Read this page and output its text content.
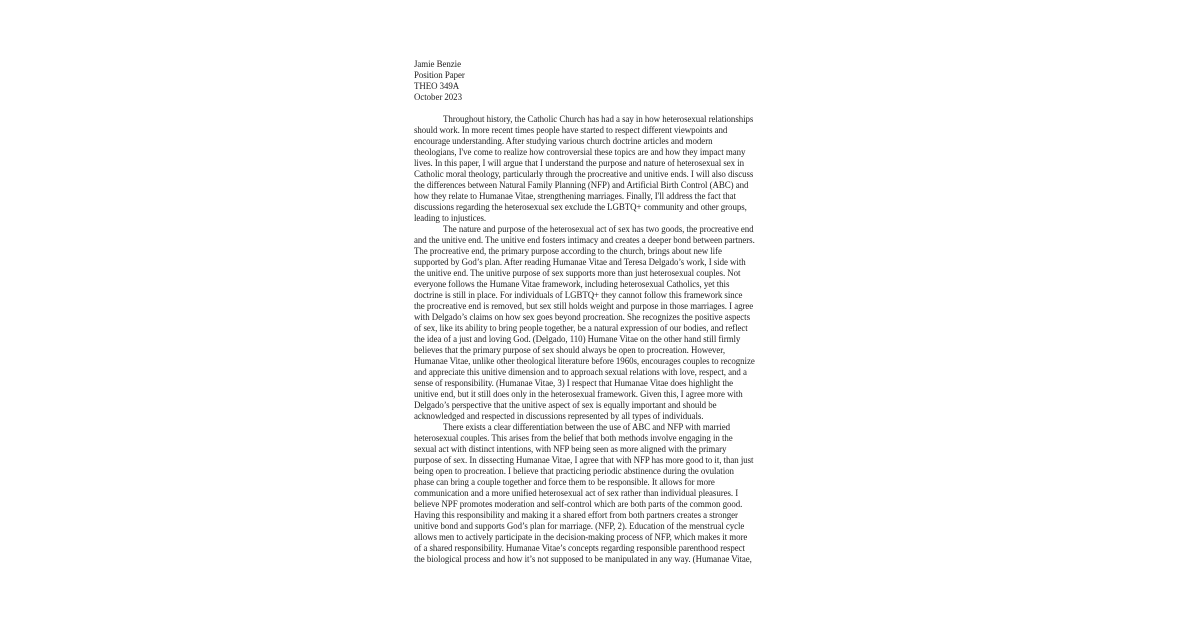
Jamie Benzie
Position Paper
THEO 349A
October 2023
Throughout history, the Catholic Church has had a say in how heterosexual relationships
should work. In more recent times people have started to respect different viewpoints and
encourage understanding. After studying various church doctrine articles and modern
theologians, I've come to realize how controversial these topics are and how they impact many
lives. In this paper, I will argue that I understand the purpose and nature of heterosexual sex in
Catholic moral theology, particularly through the procreative and unitive ends. I will also discuss
the differences between Natural Family Planning (NFP) and Artificial Birth Control (ABC) and
how they relate to Humanae Vitae, strengthening marriages. Finally, I'll address the fact that
discussions regarding the heterosexual sex exclude the LGBTQ+ community and other groups,
leading to injustices.
The nature and purpose of the heterosexual act of sex has two goods, the procreative end
and the unitive end. The unitive end fosters intimacy and creates a deeper bond between partners.
The procreative end, the primary purpose according to the church, brings about new life
supported by God’s plan. After reading Humanae Vitae and Teresa Delgado’s work, I side with
the unitive end. The unitive purpose of sex supports more than just heterosexual couples. Not
everyone follows the Humane Vitae framework, including heterosexual Catholics, yet this
doctrine is still in place. For individuals of LGBTQ+ they cannot follow this framework since
the procreative end is removed, but sex still holds weight and purpose in those marriages. I agree
with Delgado’s claims on how sex goes beyond procreation. She recognizes the positive aspects
of sex, like its ability to bring people together, be a natural expression of our bodies, and reflect
the idea of a just and loving God. (Delgado, 110) Humane Vitae on the other hand still firmly
believes that the primary purpose of sex should always be open to procreation. However,
Humanae Vitae, unlike other theological literature before 1960s, encourages couples to recognize
and appreciate this unitive dimension and to approach sexual relations with love, respect, and a
sense of responsibility. (Humanae Vitae, 3) I respect that Humanae Vitae does highlight the
unitive end, but it still does only in the heterosexual framework. Given this, I agree more with
Delgado’s perspective that the unitive aspect of sex is equally important and should be
acknowledged and respected in discussions represented by all types of individuals.
There exists a clear differentiation between the use of ABC and NFP with married
heterosexual couples. This arises from the belief that both methods involve engaging in the
sexual act with distinct intentions, with NFP being seen as more aligned with the primary
purpose of sex. In dissecting Humanae Vitae, I agree that with NFP has more good to it, than just
being open to procreation. I believe that practicing periodic abstinence during the ovulation
phase can bring a couple together and force them to be responsible. It allows for more
communication and a more unified heterosexual act of sex rather than individual pleasures. I
believe NPF promotes moderation and self-control which are both parts of the common good.
Having this responsibility and making it a shared effort from both partners creates a stronger
unitive bond and supports God’s plan for marriage. (NFP, 2). Education of the menstrual cycle
allows men to actively participate in the decision-making process of NFP, which makes it more
of a shared responsibility. Humanae Vitae’s concepts regarding responsible parenthood respect
the biological process and how it’s not supposed to be manipulated in any way. (Humanae Vitae,
